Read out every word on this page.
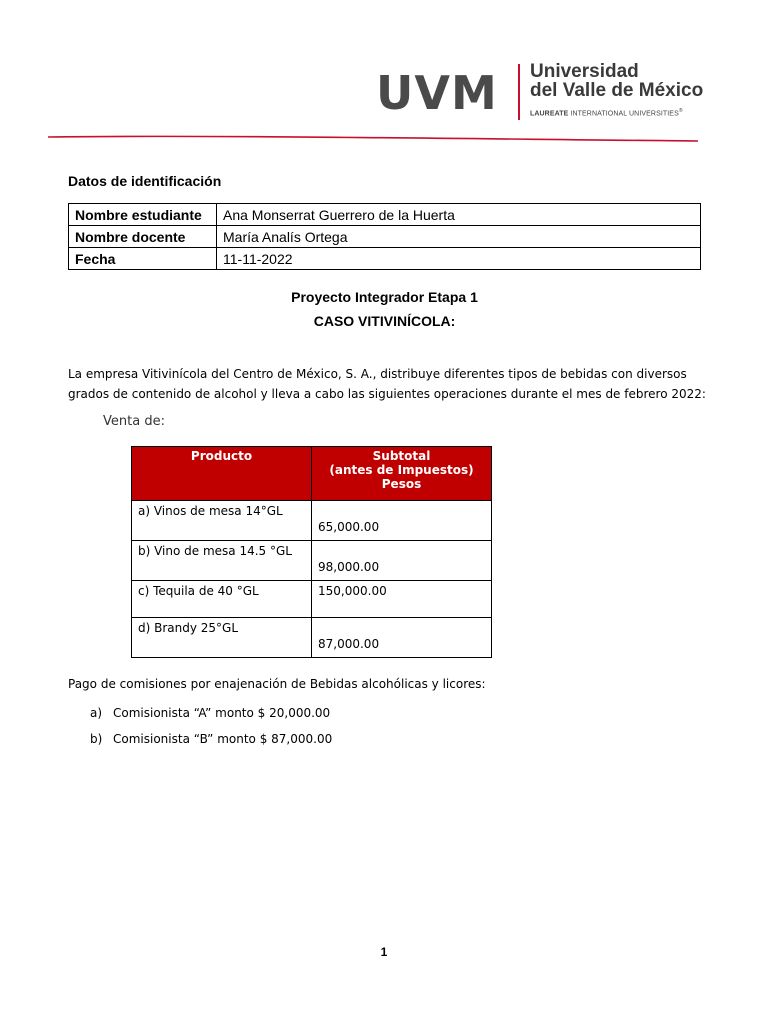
UVM Universidad
del Valle de México
LAUREATE INTERNATIONAL UNIVERSITIES®
Datos de identificación
Nombre estudiante	Ana Monserrat Guerrero de la Huerta
Nombre docente	María Analís Ortega
Fecha	11-11-2022
Proyecto Integrador Etapa 1
CASO VITIVINÍCOLA:
La empresa Vitivinícola del Centro de México, S. A., distribuye diferentes tipos de bebidas con diversos grados de contenido de alcohol y lleva a cabo las siguientes operaciones durante el mes de febrero 2022:
Venta de:
Producto	Subtotal
(antes de Impuestos)
Pesos

a) Vinos de mesa 14°GL	65,000.00
b) Vino de mesa 14.5 °GL	98,000.00
c) Tequila de 40 °GL	150,000.00
d) Brandy 25°GL	87,000.00
Pago de comisiones por enajenación de Bebidas alcohólicas y licores:
a) Comisionista “A” monto $ 20,000.00
b) Comisionista “B” monto $ 87,000.00
1
